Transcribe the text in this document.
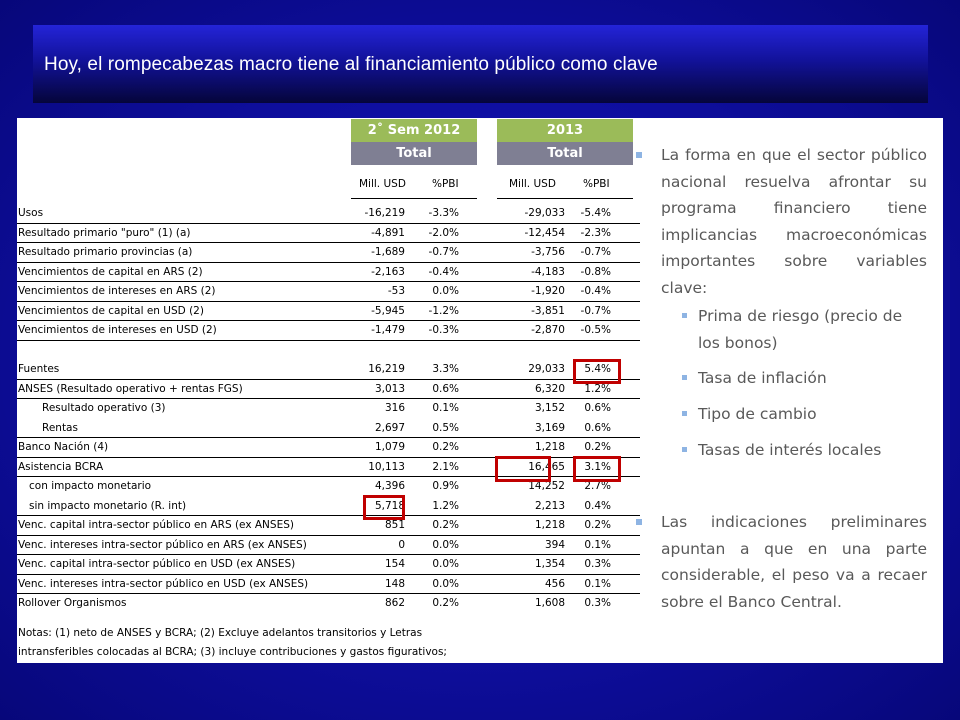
Hoy, el rompecabezas macro tiene al financiamiento público como clave
2˚ Sem 2012	2013
Total	Total
Mill. USD %PBI	Mill. USD	%PBI
Usos	-16,219	-3.3%	-29,033	-5.4%
Resultado primario "puro" (1) (a)	-4,891	-2.0%	-12,454	-2.3%
Resultado primario provincias (a)	-1,689	-0.7%	-3,756	-0.7%
Vencimientos de capital en ARS (2)	-2,163	-0.4%	-4,183	-0.8%
Vencimientos de intereses en ARS (2)	-53	0.0%	-1,920	-0.4%
Vencimientos de capital en USD (2)	-5,945	-1.2%	-3,851	-0.7%
Vencimientos de intereses en USD (2)	-1,479	-0.3%	-2,870	-0.5%
Fuentes	16,219	3.3%	29,033	5.4%
ANSES (Resultado operativo + rentas FGS)	3,013	0.6%	6,320	1.2%
Resultado operativo (3)	316	0.1%	3,152	0.6%
Rentas	2,697	0.5%	3,169	0.6%
Banco Nación (4)	1,079	0.2%	1,218	0.2%
Asistencia BCRA	10,113	2.1%	16,465	3.1%
con impacto monetario	4,396	0.9%	14,252	2.7%
sin impacto monetario (R. int)	5,718	1.2%	2,213	0.4%
Venc. capital intra-sector público en ARS (ex ANSES)	851	0.2%	1,218	0.2%
Venc. intereses intra-sector público en ARS (ex ANSES)	0	0.0%	394	0.1%
Venc. capital intra-sector público en USD (ex ANSES)	154	0.0%	1,354	0.3%
Venc. intereses intra-sector público en USD (ex ANSES)	148	0.0%	456	0.1%
Rollover Organismos	862	0.2%	1,608	0.3%
Notas: (1) neto de ANSES y BCRA; (2) Excluye adelantos transitorios y Letras
intransferibles colocadas al BCRA; (3) incluye contribuciones y gastos figurativos;

La forma en que el sector público nacional resuelva afrontar su programa financiero tiene implicancias macroeconómicas importantes sobre variables clave:

Prima de riesgo (precio de los bonos)
Tasa de inflación
Tipo de cambio
Tasas de interés locales

Las indicaciones preliminares apuntan a que en una parte considerable, el peso va a recaer sobre el Banco Central.
